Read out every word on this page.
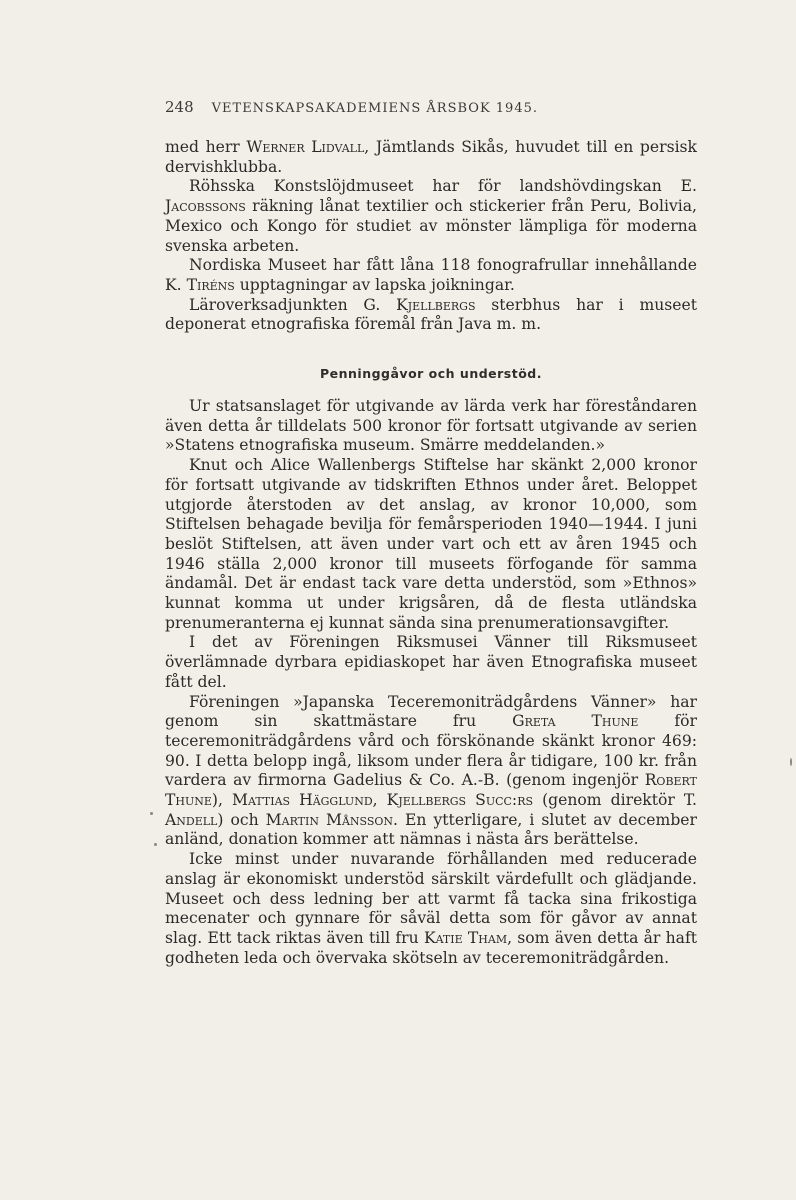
248 VETENSKAPSAKADEMIENS ÅRSBOK 1945.

med herr Werner Lidvall, Jämtlands Sikås, huvudet till en persisk dervishklubba.

Röhsska Konstslöjdmuseet har för landshövdingskan E. Jacobssons räkning lånat textilier och stickerier från Peru, Bolivia, Mexico och Kongo för studiet av mönster lämpliga för moderna svenska arbeten.

Nordiska Museet har fått låna 118 fonografrullar innehållande K. Tiréns upptagningar av lapska joikningar.

Läroverksadjunkten G. Kjellbergs sterbhus har i museet deponerat etnografiska föremål från Java m. m.

Penninggåvor och understöd.

Ur statsanslaget för utgivande av lärda verk har föreståndaren även detta år tilldelats 500 kronor för fortsatt utgivande av serien »Statens etnografiska museum. Smärre meddelanden.»

Knut och Alice Wallenbergs Stiftelse har skänkt 2,000 kronor för fortsatt utgivande av tidskriften Ethnos under året. Beloppet utgjorde återstoden av det anslag, av kronor 10,000, som Stiftelsen behagade bevilja för femårsperioden 1940—1944. I juni beslöt Stiftelsen, att även under vart och ett av åren 1945 och 1946 ställa 2,000 kronor till museets förfogande för samma ändamål. Det är endast tack vare detta understöd, som »Ethnos» kunnat komma ut under krigsåren, då de flesta utländska prenumeranterna ej kunnat sända sina prenumerationsavgifter.

I det av Föreningen Riksmusei Vänner till Riksmuseet överlämnade dyrbara epidiaskopet har även Etnografiska museet fått del.

Föreningen »Japanska Teceremoniträdgårdens Vänner» har genom sin skattmästare fru Greta Thune för teceremoniträdgårdens vård och förskönande skänkt kronor 469: 90. I detta belopp ingå, liksom under flera år tidigare, 100 kr. från vardera av firmorna Gadelius & Co. A.-B. (genom ingenjör Robert Thune), Mattias Hägglund, Kjellbergs Succ:rs (genom direktör T. Andell) och Martin Månsson. En ytterligare, i slutet av december anländ, donation kommer att nämnas i nästa års berättelse.

Icke minst under nuvarande förhållanden med reducerade anslag är ekonomiskt understöd särskilt värdefullt och glädjande. Museet och dess ledning ber att varmt få tacka sina frikostiga mecenater och gynnare för såväl detta som för gåvor av annat slag. Ett tack riktas även till fru Katie Tham, som även detta år haft godheten leda och övervaka skötseln av teceremoniträdgården.
